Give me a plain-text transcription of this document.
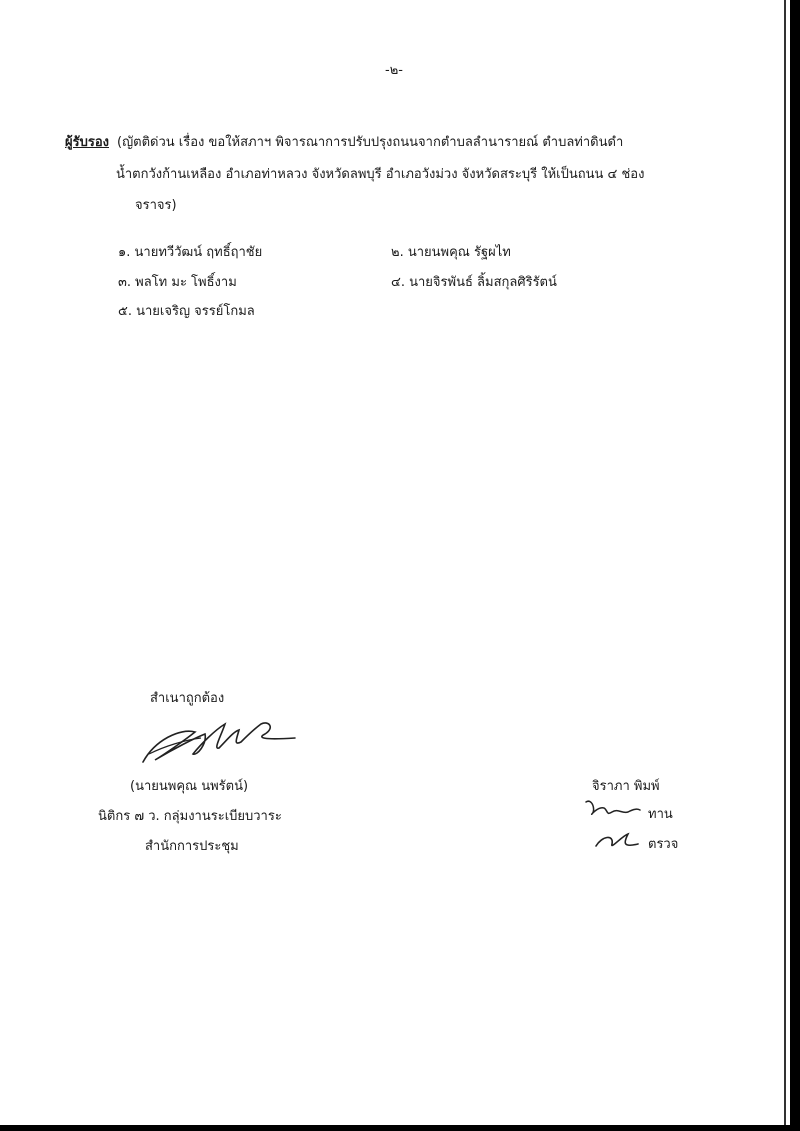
-๒-
ผู้รับรอง (ญัตติด่วน เรื่อง ขอให้สภาฯ พิจารณาการปรับปรุงถนนจากตำบลลำนารายณ์ ตำบลท่าดินดำ
น้ำตกวังก้านเหลือง อำเภอท่าหลวง จังหวัดลพบุรี อำเภอวังม่วง จังหวัดสระบุรี ให้เป็นถนน ๔ ช่อง
จราจร)
๑. นายทวีวัฒน์ ฤทธิ์ฤาชัย	๒. นายนพคุณ รัฐผไท
๓. พลโท มะ โพธิ์งาม	๔. นายจิรพันธ์ ลิ้มสกุลศิริรัตน์
๕. นายเจริญ จรรย์โกมล
สำเนาถูกต้อง
(นายนพคุณ นพรัตน์)
นิติกร ๗ ว. กลุ่มงานระเบียบวาระ
สำนักการประชุม
จิราภา พิมพ์
ทาน
ตรวจ
